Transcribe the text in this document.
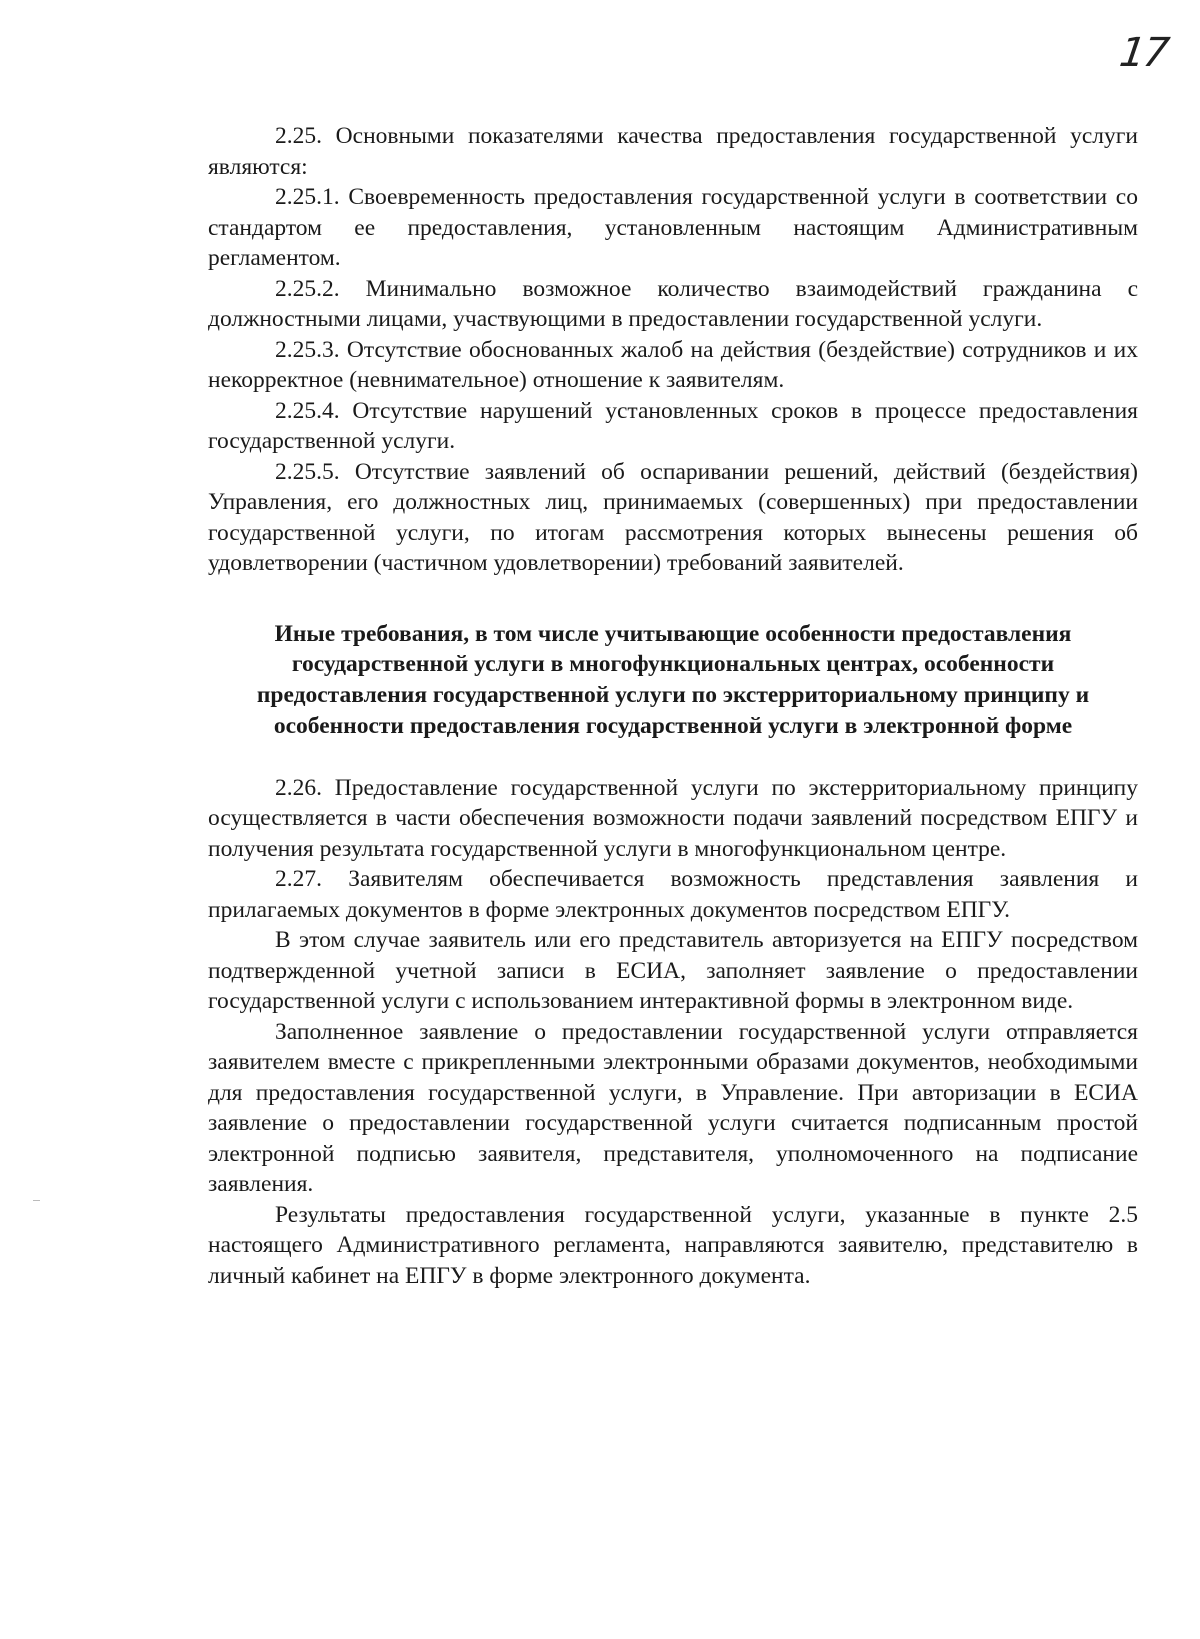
17

2.25. Основными показателями качества предоставления государственной услуги являются:

2.25.1. Своевременность предоставления государственной услуги в соответствии со стандартом ее предоставления, установленным настоящим Административным регламентом.

2.25.2. Минимально возможное количество взаимодействий гражданина с должностными лицами, участвующими в предоставлении государственной услуги.

2.25.3. Отсутствие обоснованных жалоб на действия (бездействие) сотрудников и их некорректное (невнимательное) отношение к заявителям.

2.25.4. Отсутствие нарушений установленных сроков в процессе предоставления государственной услуги.

2.25.5. Отсутствие заявлений об оспаривании решений, действий (бездействия) Управления, его должностных лиц, принимаемых (совершенных) при предоставлении государственной услуги, по итогам рассмотрения которых вынесены решения об удовлетворении (частичном удовлетворении) требований заявителей.

Иные требования, в том числе учитывающие особенности предоставления государственной услуги в многофункциональных центрах, особенности предоставления государственной услуги по экстерриториальному принципу и особенности предоставления государственной услуги в электронной форме

2.26. Предоставление государственной услуги по экстерриториальному принципу осуществляется в части обеспечения возможности подачи заявлений посредством ЕПГУ и получения результата государственной услуги в многофункциональном центре.

2.27. Заявителям обеспечивается возможность представления заявления и прилагаемых документов в форме электронных документов посредством ЕПГУ.

В этом случае заявитель или его представитель авторизуется на ЕПГУ посредством подтвержденной учетной записи в ЕСИА, заполняет заявление о предоставлении государственной услуги с использованием интерактивной формы в электронном виде.

Заполненное заявление о предоставлении государственной услуги отправляется заявителем вместе с прикрепленными электронными образами документов, необходимыми для предоставления государственной услуги, в Управление. При авторизации в ЕСИА заявление о предоставлении государственной услуги считается подписанным простой электронной подписью заявителя, представителя, уполномоченного на подписание заявления.

Результаты предоставления государственной услуги, указанные в пункте 2.5 настоящего Административного регламента, направляются заявителю, представителю в личный кабинет на ЕПГУ в форме электронного документа.
